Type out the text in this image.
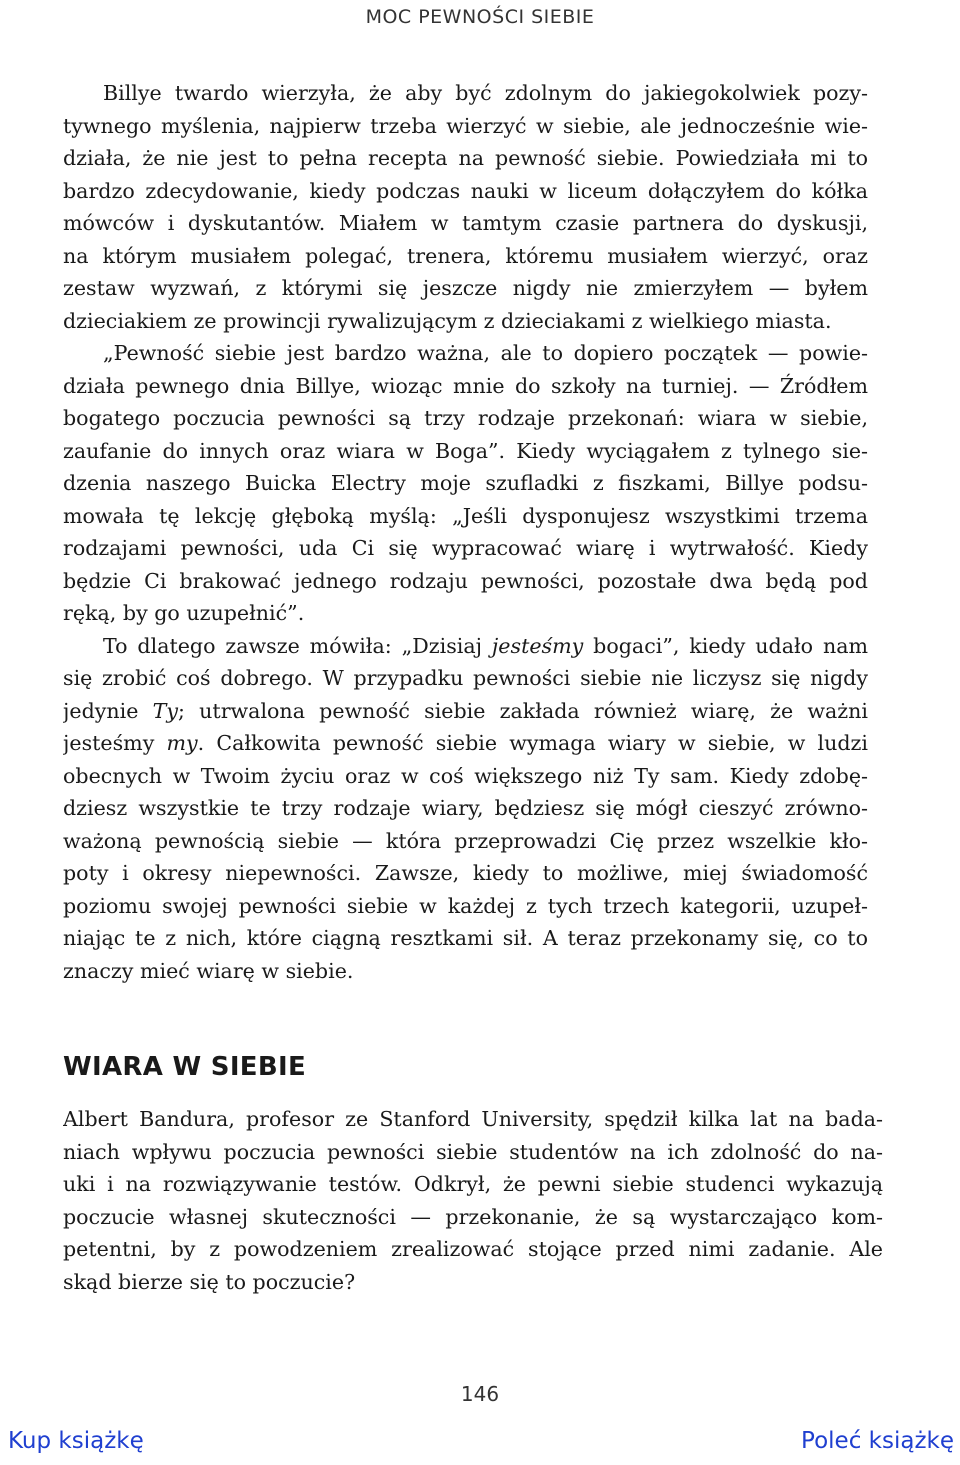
MOC PEWNOŚCI SIEBIE
Billye twardo wierzyła, że aby być zdolnym do jakiegokolwiek pozy-
tywnego myślenia, najpierw trzeba wierzyć w siebie, ale jednocześnie wie-
działa, że nie jest to pełna recepta na pewność siebie. Powiedziała mi to
bardzo zdecydowanie, kiedy podczas nauki w liceum dołączyłem do kółka
mówców i dyskutantów. Miałem w tamtym czasie partnera do dyskusji,
na którym musiałem polegać, trenera, któremu musiałem wierzyć, oraz
zestaw wyzwań, z którymi się jeszcze nigdy nie zmierzyłem — byłem
dzieciakiem ze prowincji rywalizującym z dzieciakami z wielkiego miasta.
„Pewność siebie jest bardzo ważna, ale to dopiero początek — powie-
działa pewnego dnia Billye, wioząc mnie do szkoły na turniej. — Źródłem
bogatego poczucia pewności są trzy rodzaje przekonań: wiara w siebie,
zaufanie do innych oraz wiara w Boga”. Kiedy wyciągałem z tylnego sie-
dzenia naszego Buicka Electry moje szufladki z fiszkami, Billye podsu-
mowała tę lekcję głęboką myślą: „Jeśli dysponujesz wszystkimi trzema
rodzajami pewności, uda Ci się wypracować wiarę i wytrwałość. Kiedy
będzie Ci brakować jednego rodzaju pewności, pozostałe dwa będą pod
ręką, by go uzupełnić”.
To dlatego zawsze mówiła: „Dzisiaj jesteśmy bogaci”, kiedy udało nam
się zrobić coś dobrego. W przypadku pewności siebie nie liczysz się nigdy
jedynie Ty; utrwalona pewność siebie zakłada również wiarę, że ważni
jesteśmy my. Całkowita pewność siebie wymaga wiary w siebie, w ludzi
obecnych w Twoim życiu oraz w coś większego niż Ty sam. Kiedy zdobę-
dziesz wszystkie te trzy rodzaje wiary, będziesz się mógł cieszyć zrówno-
ważoną pewnością siebie — która przeprowadzi Cię przez wszelkie kło-
poty i okresy niepewności. Zawsze, kiedy to możliwe, miej świadomość
poziomu swojej pewności siebie w każdej z tych trzech kategorii, uzupeł-
niając te z nich, które ciągną resztkami sił. A teraz przekonamy się, co to
znaczy mieć wiarę w siebie.
WIARA W SIEBIE
Albert Bandura, profesor ze Stanford University, spędził kilka lat na bada-
niach wpływu poczucia pewności siebie studentów na ich zdolność do na-
uki i na rozwiązywanie testów. Odkrył, że pewni siebie studenci wykazują
poczucie własnej skuteczności — przekonanie, że są wystarczająco kom-
petentni, by z powodzeniem zrealizować stojące przed nimi zadanie. Ale
skąd bierze się to poczucie?
146
Kup książkę	Poleć książkę
